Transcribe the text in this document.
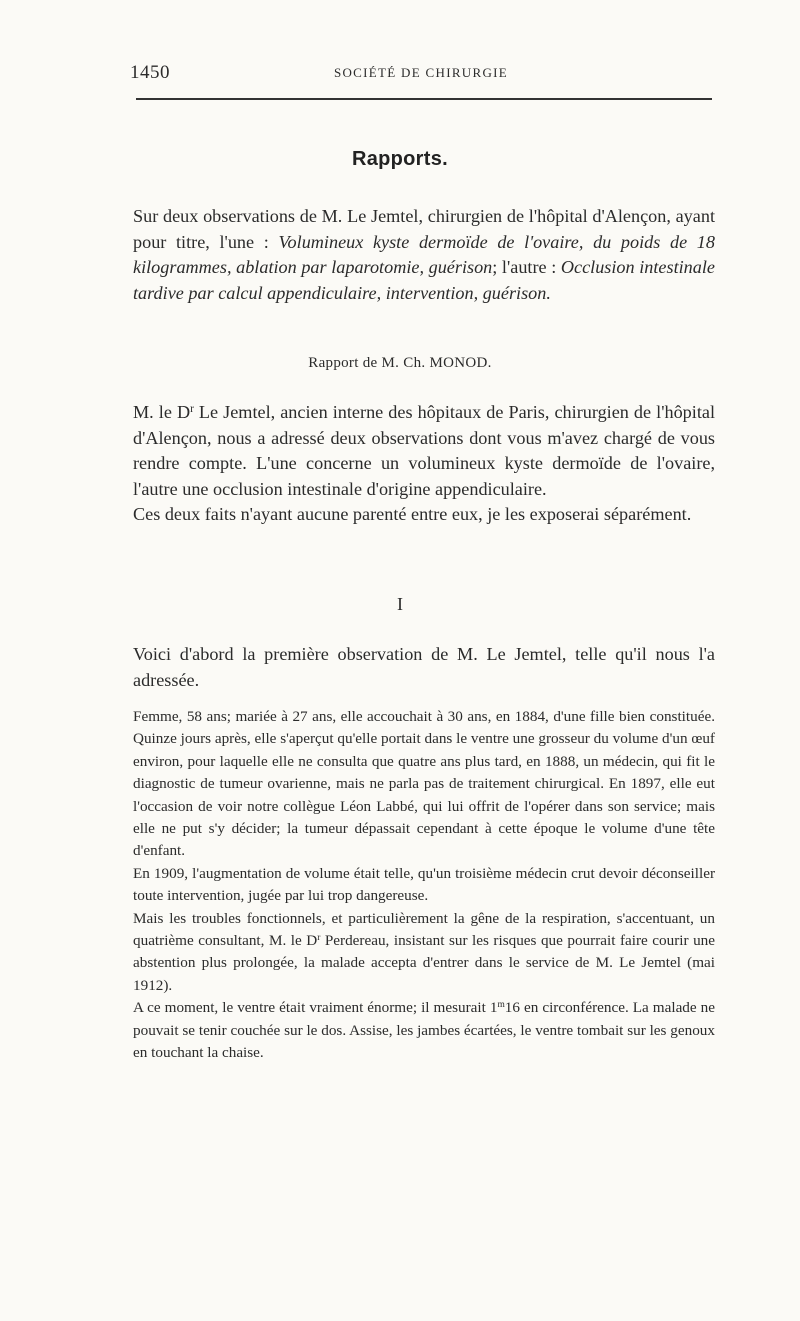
1450	SOCIÉTÉ DE CHIRURGIE
Rapports.
Sur deux observations de M. Le Jemtel, chirurgien de l'hôpital d'Alençon, ayant pour titre, l'une : Volumineux kyste dermoïde de l'ovaire, du poids de 18 kilogrammes, ablation par laparotomie, guérison; l'autre : Occlusion intestinale tardive par calcul appendiculaire, intervention, guérison.
Rapport de M. Ch. MONOD.

M. le $D^r$ Le Jemtel, ancien interne des hôpitaux de Paris, chirurgien de l'hôpital d'Alençon, nous a adressé deux observations dont vous m'avez chargé de vous rendre compte. L'une concerne un volumineux kyste dermoïde de l'ovaire, l'autre une occlusion intestinale d'origine appendiculaire.

Ces deux faits n'ayant aucune parenté entre eux, je les exposerai séparément.

I
Voici d'abord la première observation de M. Le Jemtel, telle qu'il nous l'a adressée.

Femme, 58 ans; mariée à 27 ans, elle accouchait à 30 ans, en 1884, d'une fille bien constituée. Quinze jours après, elle s'aperçut qu'elle portait dans le ventre une grosseur du volume d'un œuf environ, pour laquelle elle ne consulta que quatre ans plus tard, en 1888, un médecin, qui fit le diagnostic de tumeur ovarienne, mais ne parla pas de traitement chirurgical. En 1897, elle eut l'occasion de voir notre collègue Léon Labbé, qui lui offrit de l'opérer dans son service; mais elle ne put s'y décider; la tumeur dépassait cependant à cette époque le volume d'une tête d'enfant.

En 1909, l'augmentation de volume était telle, qu'un troisième médecin crut devoir déconseiller toute intervention, jugée par lui trop dangereuse.

Mais les troubles fonctionnels, et particulièrement la gêne de la respiration, s'accentuant, un quatrième consultant, M. le $D^r$ Perdereau, insistant sur les risques que pourrait faire courir une abstention plus prolongée, la malade accepta d'entrer dans le service de M. Le Jemtel (mai 1912).

A ce moment, le ventre était vraiment énorme; il mesurait 1$^m$16 en circonférence. La malade ne pouvait se tenir couchée sur le dos. Assise, les jambes écartées, le ventre tombait sur les genoux en touchant la chaise.
